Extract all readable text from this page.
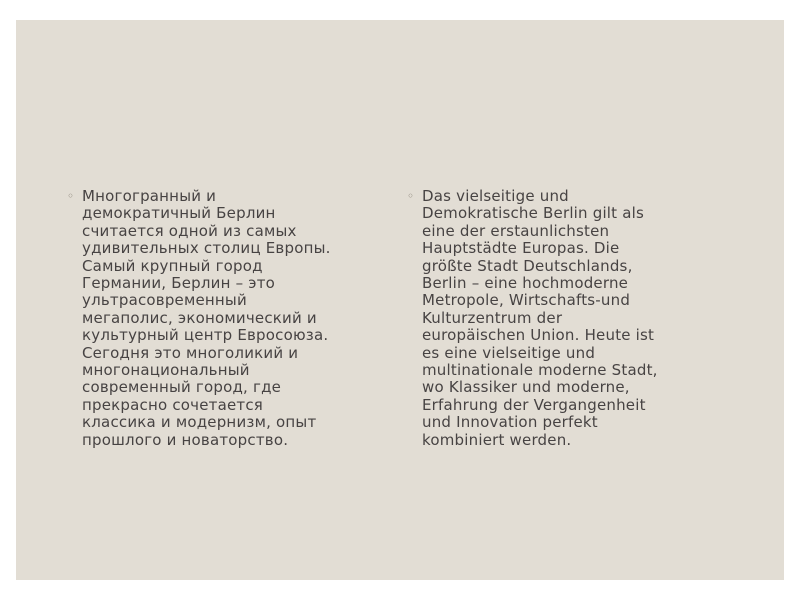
◦ Многогранный и
демократичный Берлин
считается одной из самых
удивительных столиц Европы.
Самый крупный город
Германии, Берлин – это
ультрасовременный
мегаполис, экономический и
культурный центр Евросоюза.
Сегодня это многоликий и
многонациональный
современный город, где
прекрасно сочетается
классика и модернизм, опыт
прошлого и новаторство.
◦ Das vielseitige und
Demokratische Berlin gilt als
eine der erstaunlichsten
Hauptstädte Europas. Die
größte Stadt Deutschlands,
Berlin – eine hochmoderne
Metropole, Wirtschafts-und
Kulturzentrum der
europäischen Union. Heute ist
es eine vielseitige und
multinationale moderne Stadt,
wo Klassiker und moderne,
Erfahrung der Vergangenheit
und Innovation perfekt
kombiniert werden.
